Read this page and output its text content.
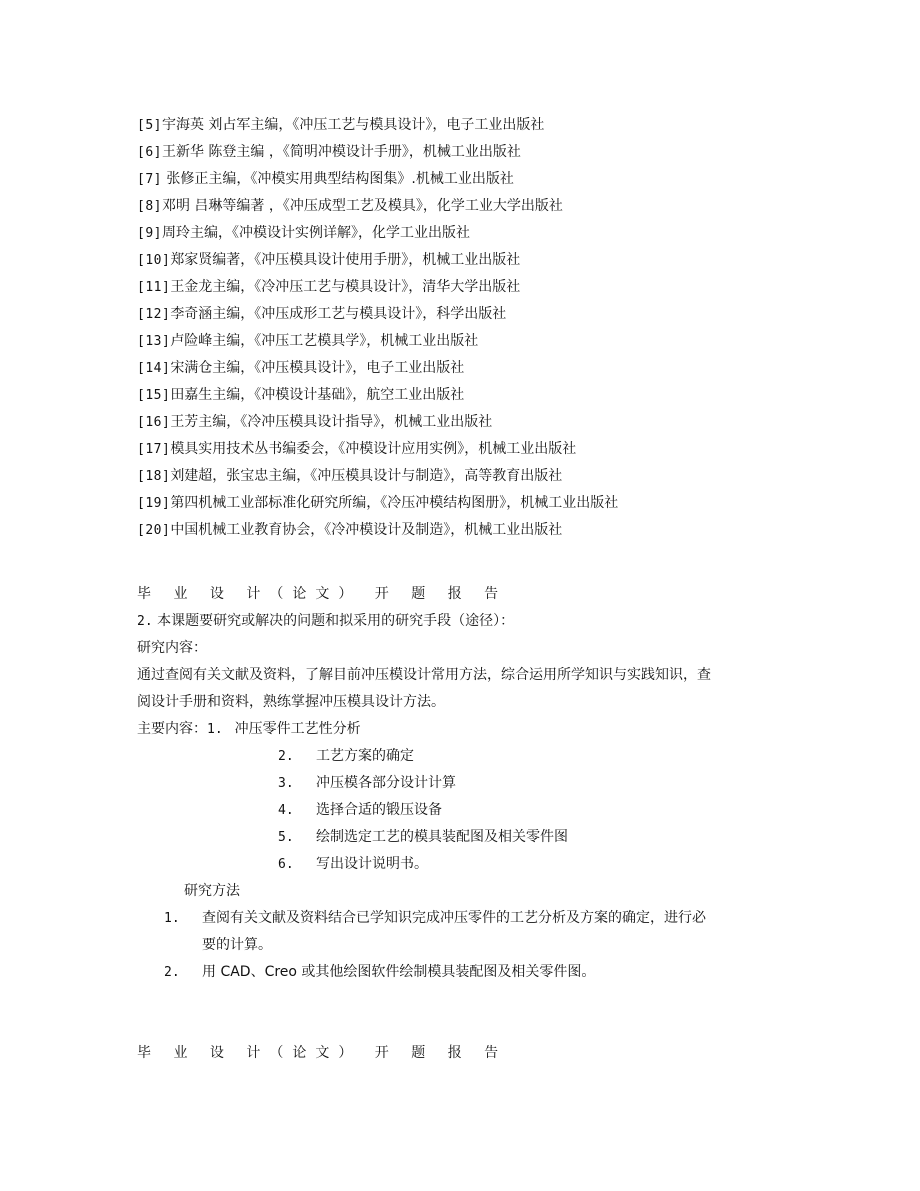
[5]宇海英 刘占军主编，《冲压工艺与模具设计》，电子工业出版社
[6]王新华 陈登主编 ，《简明冲模设计手册》，机械工业出版社
[7] 张修正主编，《冲模实用典型结构图集》.机械工业出版社
[8]邓明 吕琳等编著 ，《冲压成型工艺及模具》，化学工业大学出版社
[9]周玲主编，《冲模设计实例详解》，化学工业出版社
[10]郑家贤编著，《冲压模具设计使用手册》，机械工业出版社
[11]王金龙主编，《冷冲压工艺与模具设计》，清华大学出版社
[12]李奇涵主编，《冲压成形工艺与模具设计》，科学出版社
[13]卢险峰主编，《冲压工艺模具学》，机械工业出版社
[14]宋满仓主编，《冲压模具设计》，电子工业出版社
[15]田嘉生主编，《冲模设计基础》，航空工业出版社
[16]王芳主编，《冷冲压模具设计指导》，机械工业出版社
[17]模具实用技术丛书编委会，《冲模设计应用实例》，机械工业出版社
[18]刘建超，张宝忠主编，《冲压模具设计与制造》，高等教育出版社
[19]第四机械工业部标准化研究所编，《冷压冲模结构图册》，机械工业出版社
[20]中国机械工业教育协会，《冷冲模设计及制造》，机械工业出版社
毕 业 设 计（论文） 开 题 报 告
2. 本课题要研究或解决的问题和拟采用的研究手段（途径）：
研究内容：
通过查阅有关文献及资料，了解目前冲压模设计常用方法，综合运用所学知识与实践知识，查
阅设计手册和资料，熟练掌握冲压模具设计方法。
主要内容：1. 冲压零件工艺性分析
2. 工艺方案的确定
3. 冲压模各部分设计计算
4. 选择合适的锻压设备
5. 绘制选定工艺的模具装配图及相关零件图
6. 写出设计说明书。
研究方法
1. 查阅有关文献及资料结合已学知识完成冲压零件的工艺分析及方案的确定，进行必
要的计算。
2. 用 CAD、Creo 或其他绘图软件绘制模具装配图及相关零件图。
毕 业 设 计（论文） 开 题 报 告
